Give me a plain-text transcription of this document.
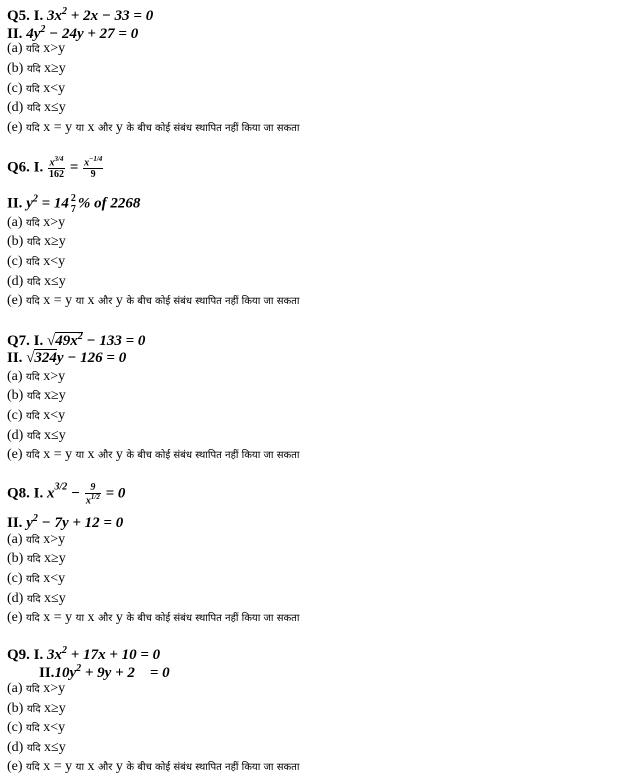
Q5. I. $3x^2 + 2x - 33 = 0$
II. $4y^2 - 24y + 27 = 0$
(a) यदि x>y
(b) यदि x≥y
(c) यदि x<y
(d) यदि x≤y
(e) यदि x = y या x और y के बीच कोई संबंध स्थापित नहीं किया जा सकता
Q6. I. $\frac{x^{3/4}}{162} = \frac{x^{-1/4}}{9}$
II. $y^2 = 14$ 2
7 % of 2268
(a) यदि x>y
(b) यदि x≥y
(c) यदि x<y
(d) यदि x≤y
(e) यदि x = y या x और y के बीच कोई संबंध स्थापित नहीं किया जा सकता
Q7. I. $√49x^2 - 133 = 0$
II. √324y − 126 = 0
(a) यदि x>y
(b) यदि x≥y
(c) यदि x<y
(d) यदि x≤y
(e) यदि x = y या x और y के बीच कोई संबंध स्थापित नहीं किया जा सकता
Q8. I. $x^{3/2} - \frac{9}{x^{1/2}} = 0$
II. $y^2 - 7y + 12 = 0$
(a) यदि x>y
(b) यदि x≥y
(c) यदि x<y
(d) यदि x≤y
(e) यदि x = y या x और y के बीच कोई संबंध स्थापित नहीं किया जा सकता
Q9. I. $3x^2 + 17x + 10 = 0$
$II.10y^2 + 9y + 2$    = 0
(a) यदि x>y
(b) यदि x≥y
(c) यदि x<y
(d) यदि x≤y
(e) यदि x = y या x और y के बीच कोई संबंध स्थापित नहीं किया जा सकता
